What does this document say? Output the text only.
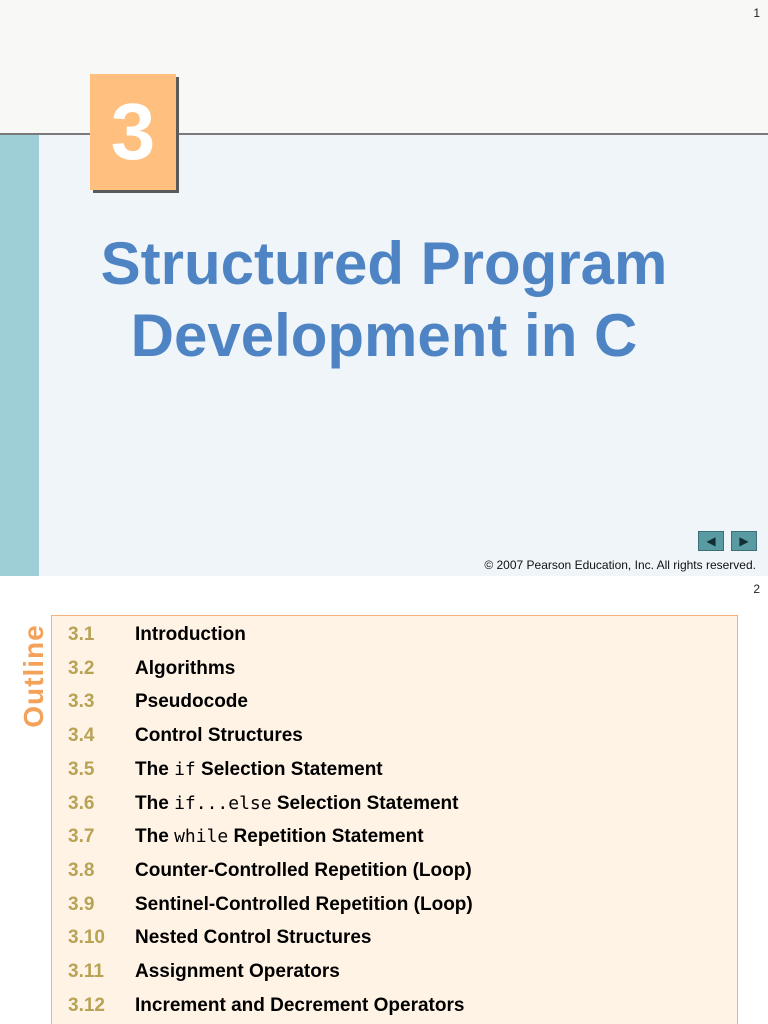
1
3
Structured Program
Development in C
◀ ▶
© 2007 Pearson Education, Inc. All rights reserved.
2
Outline 3.1 Introduction
3.2 Algorithms
3.3 Pseudocode
3.4 Control Structures
3.5 The if Selection Statement
3.6 The if...else Selection Statement
3.7 The while Repetition Statement
3.8 Counter-Controlled Repetition (Loop)
3.9 Sentinel-Controlled Repetition (Loop)
3.10 Nested Control Structures
3.11 Assignment Operators
3.12 Increment and Decrement Operators
